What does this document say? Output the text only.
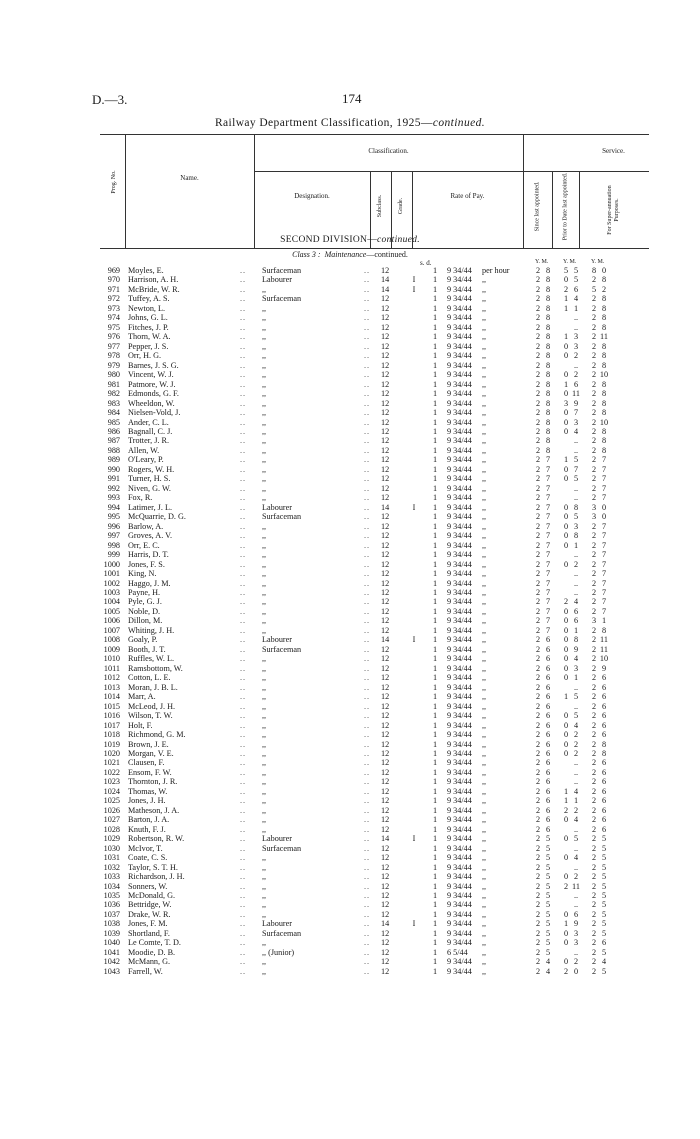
D.—3.	174
Railway Department Classification, 1925—continued.
Prog. No.	Name.
Classification.	Service.
Designation.	Subclass.	Grade.
Rate of Pay.	Since last appointed.	Prior to Date last appointed.	For Super-annuation Purposes.
SECOND DIVISION—continued.
Class 3 : Maintenance—continued.
s. d.	Y. M. Y. M. Y. M.
969 Moyles, E.	.. Surfaceman	.. 12	1 9 34/44 per hour	2 8	5 5	8 0
970 Harrison, A. H.	.. Labourer	.. 14	I	1 9 34/44 ,,	2 8	0 5	2 8
971 McBride, W. R.	.. ,,	.. 14	I	1 9 34/44 ,,	2 8	2 6	5 2
972 Tuffey, A. S.	.. Surfaceman	.. 12	1 9 34/44 ,,	2 8	1 4	2 8
973 Newton, L.	.. ,,	.. 12	1 9 34/44 ,,	2 8	1 1	2 8
974 Johns, G. L.	.. ,,	.. 12	1 9 34/44 ,,	2 8	..	2 8
975 Fitches, J. P.	.. ,,	.. 12	1 9 34/44 ,,	2 8	..	2 8
976 Thorn, W. A.	.. ,,	.. 12	1 9 34/44 ,,	2 8	1 3	2 11
977 Pepper, J. S.	.. ,,	.. 12	1 9 34/44 ,,	2 8	0 3	2 8
978 Orr, H. G.	.. ,,	.. 12	1 9 34/44 ,,	2 8	0 2	2 8
979 Barnes, J. S. G.	.. ,,	.. 12	1 9 34/44 ,,	2 8	..	2 8
980 Vincent, W. J.	.. ,,	.. 12	1 9 34/44 ,,	2 8	0 2	2 10
981 Patmore, W. J.	.. ,,	.. 12	1 9 34/44 ,,	2 8	1 6	2 8
982 Edmonds, G. F.	.. ,,	.. 12	1 9 34/44 ,,	2 8	0 11	2 8
983 Wheeldon, W.	.. ,,	.. 12	1 9 34/44 ,,	2 8	3 9	2 8
984 Nielsen-Vold, J.	.. ,,	.. 12	1 9 34/44 ,,	2 8	0 7	2 8
985 Ander, C. L.	.. ,,	.. 12	1 9 34/44 ,,	2 8	0 3	2 10
986 Bagnall, C. J.	.. ,,	.. 12	1 9 34/44 ,,	2 8	0 4	2 8
987 Trotter, J. R.	.. ,,	.. 12	1 9 34/44 ,,	2 8	..	2 8
988 Allen, W.	.. ,,	.. 12	1 9 34/44 ,,	2 8	..	2 8
989 O'Leary, P.	.. ,,	.. 12	1 9 34/44 ,,	2 7	1 5	2 7
990 Rogers, W. H.	.. ,,	.. 12	1 9 34/44 ,,	2 7	0 7	2 7
991 Turner, H. S.	.. ,,	.. 12	1 9 34/44 ,,	2 7	0 5	2 7
992 Niven, G. W.	.. ,,	.. 12	1 9 34/44 ,,	2 7	..	2 7
993 Fox, R.	.. ,,	.. 12	1 9 34/44 ,,	2 7	..	2 7
994 Latimer, J. L.	.. Labourer	.. 14	I	1 9 34/44 ,,	2 7	0 8	3 0
995 McQuarrie, D. G.	.. Surfaceman	.. 12	1 9 34/44 ,,	2 7	0 5	3 0
996 Barlow, A.	.. ,,	.. 12	1 9 34/44 ,,	2 7	0 3	2 7
997 Groves, A. V.	.. ,,	.. 12	1 9 34/44 ,,	2 7	0 8	2 7
998 Orr, E. C.	.. ,,	.. 12	1 9 34/44 ,,	2 7	0 1	2 7
999 Harris, D. T.	.. ,,	.. 12	1 9 34/44 ,,	2 7	..	2 7
1000 Jones, F. S.	.. ,,	.. 12	1 9 34/44 ,,	2 7	0 2	2 7
1001 King, N.	.. ,,	.. 12	1 9 34/44 ,,	2 7	..	2 7
1002 Haggo, J. M.	.. ,,	.. 12	1 9 34/44 ,,	2 7	..	2 7
1003 Payne, H.	.. ,,	.. 12	1 9 34/44 ,,	2 7	..	2 7
1004 Pyle, G. J.	.. ,,	.. 12	1 9 34/44 ,,	2 7	2 4	2 7
1005 Noble, D.	.. ,,	.. 12	1 9 34/44 ,,	2 7	0 6	2 7
1006 Dillon, M.	.. ,,	.. 12	1 9 34/44 ,,	2 7	0 6	3 1
1007 Whiting, J. H.	.. ,,	.. 12	1 9 34/44 ,,	2 7	0 1	2 8
1008 Goaly, P.	.. Labourer	.. 14	I	1 9 34/44 ,,	2 6	0 8	2 11
1009 Booth, J. T.	.. Surfaceman	.. 12	1 9 34/44 ,,	2 6	0 9	2 11
1010 Ruffles, W. L.	.. ,,	.. 12	1 9 34/44 ,,	2 6	0 4	2 10
1011 Ramsbottom, W.	.. ,,	.. 12	1 9 34/44 ,,	2 6	0 3	2 9
1012 Cotton, L. E.	.. ,,	.. 12	1 9 34/44 ,,	2 6	0 1	2 6
1013 Moran, J. B. L.	.. ,,	.. 12	1 9 34/44 ,,	2 6	..	2 6
1014 Marr, A.	.. ,,	.. 12	1 9 34/44 ,,	2 6	1 5	2 6
1015 McLeod, J. H.	.. ,,	.. 12	1 9 34/44 ,,	2 6	..	2 6
1016 Wilson, T. W.	.. ,,	.. 12	1 9 34/44 ,,	2 6	0 5	2 6
1017 Holt, F.	.. ,,	.. 12	1 9 34/44 ,,	2 6	0 4	2 6
1018 Richmond, G. M.	.. ,,	.. 12	1 9 34/44 ,,	2 6	0 2	2 6
1019 Brown, J. E.	.. ,,	.. 12	1 9 34/44 ,,	2 6	0 2	2 8
1020 Morgan, V. E.	.. ,,	.. 12	1 9 34/44 ,,	2 6	0 2	2 8
1021 Clausen, F.	.. ,,	.. 12	1 9 34/44 ,,	2 6	..	2 6
1022 Ensom, F. W.	.. ,,	.. 12	1 9 34/44 ,,	2 6	..	2 6
1023 Thornton, J. R.	.. ,,	.. 12	1 9 34/44 ,,	2 6	..	2 6
1024 Thomas, W.	.. ,,	.. 12	1 9 34/44 ,,	2 6	1 4	2 6
1025 Jones, J. H.	.. ,,	.. 12	1 9 34/44 ,,	2 6	1 1	2 6
1026 Matheson, J. A.	.. ,,	.. 12	1 9 34/44 ,,	2 6	2 2	2 6
1027 Barton, J. A.	.. ,,	.. 12	1 9 34/44 ,,	2 6	0 4	2 6
1028 Knuth, F. J.	.. ,,	.. 12	1 9 34/44 ,,	2 6	..	2 6
1029 Robertson, R. W.	.. Labourer	.. 14	I	1 9 34/44 ,,	2 5	0 5	2 5
1030 McIvor, T.	.. Surfaceman	.. 12	1 9 34/44 ,,	2 5	..	2 5
1031 Coate, C. S.	.. ,,	.. 12	1 9 34/44 ,,	2 5	0 4	2 5
1032 Taylor, S. T. H.	.. ,,	.. 12	1 9 34/44 ,,	2 5	..	2 5
1033 Richardson, J. H.	.. ,,	.. 12	1 9 34/44 ,,	2 5	0 2	2 5
1034 Sonners, W.	.. ,,	.. 12	1 9 34/44 ,,	2 5	2 11	2 5
1035 McDonald, G.	.. ,,	.. 12	1 9 34/44 ,,	2 5	..	2 5
1036 Bettridge, W.	.. ,,	.. 12	1 9 34/44 ,,	2 5	..	2 5
1037 Drake, W. R.	.. ,,	.. 12	1 9 34/44 ,,	2 5	0 6	2 5
1038 Jones, F. M.	.. Labourer	.. 14	I	1 9 34/44 ,,	2 5	1 9	2 5
1039 Shortland, F.	.. Surfaceman	.. 12	1 9 34/44 ,,	2 5	0 3	2 5
1040 Le Comte, T. D.	.. ,,	.. 12	1 9 34/44 ,,	2 5	0 3	2 6
1041 Moodie, D. B.	.. ,, (Junior)	.. 12	1 6 5/44 ,,	2 5	..	2 5
1042 McMann, G.	.. ,,	.. 12	1 9 34/44 ,,	2 4	0 2	2 4
1043 Farrell, W.	.. ,,	.. 12	1 9 34/44 ,,	2 4	2 0	2 5
